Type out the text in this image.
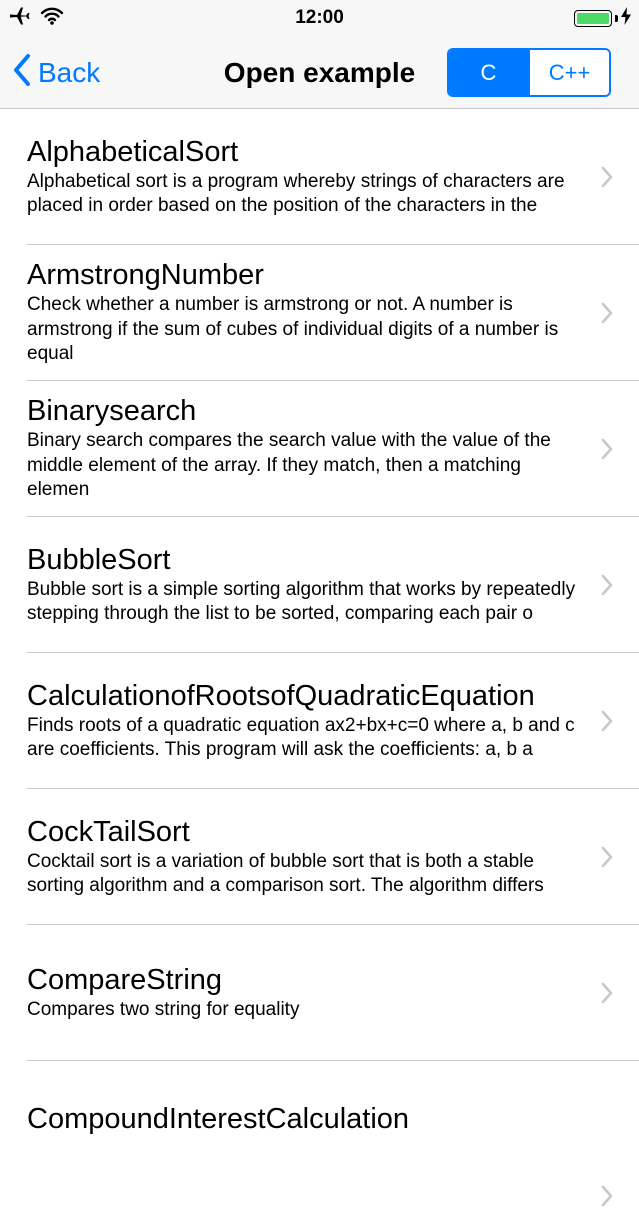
12:00
Back	Open example	C	C++
AlphabeticalSort
Alphabetical sort is a program whereby strings of characters are placed in order based on the position of the characters in the
ArmstrongNumber
Check whether a number is armstrong or not. A number is armstrong if the sum of cubes of individual digits of a number is equal
Binarysearch
Binary search compares the search value with the value of the middle element of the array. If they match, then a matching elemen
BubbleSort
Bubble sort is a simple sorting algorithm that works by repeatedly stepping through the list to be sorted, comparing each pair o
CalculationofRootsofQuadraticEquation
Finds roots of a quadratic equation ax2+bx+c=0 where a, b and c are coefficients. This program will ask the coefficients: a, b a
CockTailSort
Cocktail sort is a variation of bubble sort that is both a stable sorting algorithm and a comparison sort. The algorithm differs
CompareString
Compares two string for equality
CompoundInterestCalculation
